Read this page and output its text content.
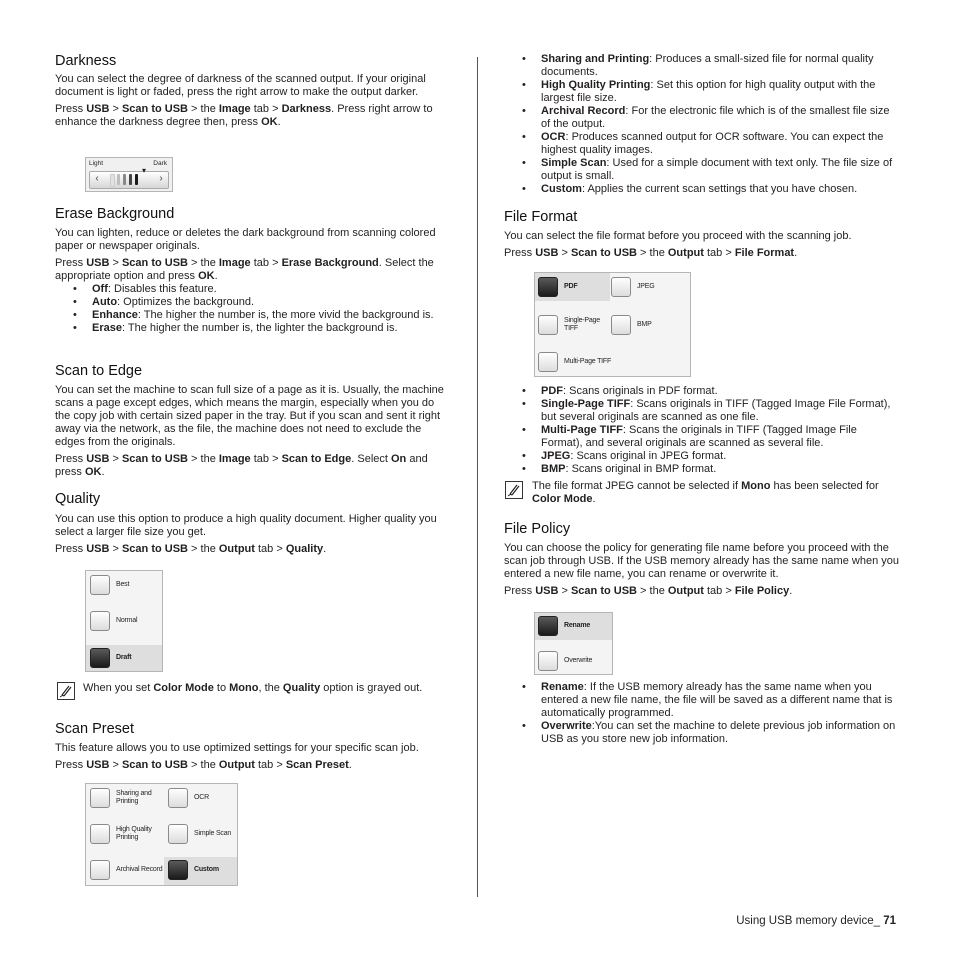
Darkness

You can select the degree of darkness of the scanned output. If your original document is light or faded, press the right arrow to make the output darker.

Press USB > Scan to USB > the Image tab > Darkness. Press right arrow to enhance the darkness degree then, press OK.

Light	Dark
‹	›
▾
Erase Background

You can lighten, reduce or deletes the dark background from scanning colored paper or newspaper originals.

Press USB > Scan to USB > the Image tab > Erase Background. Select the appropriate option and press OK.

• Off: Disables this feature.
• Auto: Optimizes the background.
• Enhance: The higher the number is, the more vivid the background is.
• Erase: The higher the number is, the lighter the background is.
Scan to Edge

You can set the machine to scan full size of a page as it is. Usually, the machine scans a page except edges, which means the margin, especially when you do the copy job with certain sized paper in the tray. But if you scan and sent it right away via the network, as the file, the machine does not need to exclude the edges from the originals.

Press USB > Scan to USB > the Image tab > Scan to Edge. Select On and press OK.

Quality

You can use this option to produce a high quality document. Higher quality you select a larger file size you get.

Press USB > Scan to USB > the Output tab > Quality.

Best
Normal
Draft

When you set Color Mode to Mono, the Quality option is grayed out.

Scan Preset

This feature allows you to use optimized settings for your specific scan job.

Press USB > Scan to USB > the Output tab > Scan Preset.

Sharing and Printing
OCR
High Quality Printing
Simple Scan
Archival Record	Custom
• Sharing and Printing: Produces a small-sized file for normal quality documents.
• High Quality Printing: Set this option for high quality output with the largest file size.
• Archival Record: For the electronic file which is of the smallest file size of the output.
• OCR: Produces scanned output for OCR software. You can expect the highest quality images.
• Simple Scan: Used for a simple document with text only. The file size of output is small.
• Custom: Applies the current scan settings that you have chosen.
File Format

You can select the file format before you proceed with the scanning job.

Press USB > Scan to USB > the Output tab > File Format.

PDF	JPEG
Single-Page TIFF
BMP
Multi-Page TIFF
• PDF: Scans originals in PDF format.
• Single-Page TIFF: Scans originals in TIFF (Tagged Image File Format), but several originals are scanned as one file.
• Multi-Page TIFF: Scans the originals in TIFF (Tagged Image File Format), and several originals are scanned as several file.
• JPEG: Scans original in JPEG format.
• BMP: Scans original in BMP format.

The file format JPEG cannot be selected if Mono has been selected for Color Mode.

File Policy

You can choose the policy for generating file name before you proceed with the scan job through USB. If the USB memory already has the same name when you entered a new file name, you can rename or overwrite it.

Press USB > Scan to USB > the Output tab > File Policy.

Rename
Overwrite
• Rename: If the USB memory already has the same name when you entered a new file name, the file will be saved as a different name that is automatically programmed.
• Overwrite:You can set the machine to delete previous job information on USB as you store new job information.
Using USB memory device_ 71
